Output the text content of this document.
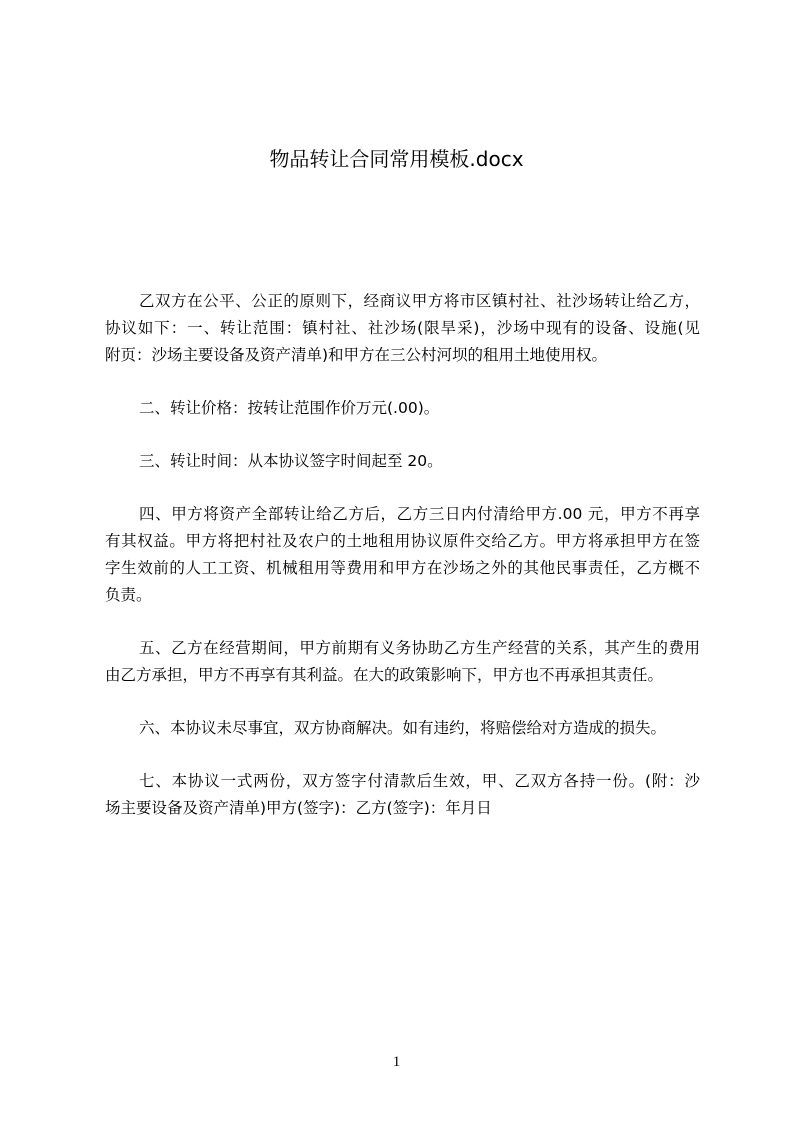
物品转让合同常用模板.docx
乙双方在公平、公正的原则下，经商议甲方将市区镇村社、社沙场转让给乙方，
协议如下：一、转让范围：镇村社、社沙场(限旱采)，沙场中现有的设备、设施(见
附页：沙场主要设备及资产清单)和甲方在三公村河坝的租用土地使用权。
二、转让价格：按转让范围作价万元(.00)。
三、转让时间：从本协议签字时间起至 20。
四、甲方将资产全部转让给乙方后，乙方三日内付清给甲方.00 元，甲方不再享
有其权益。甲方将把村社及农户的土地租用协议原件交给乙方。甲方将承担甲方在签
字生效前的人工工资、机械租用等费用和甲方在沙场之外的其他民事责任，乙方概不
负责。
五、乙方在经营期间，甲方前期有义务协助乙方生产经营的关系，其产生的费用
由乙方承担，甲方不再享有其利益。在大的政策影响下，甲方也不再承担其责任。
六、本协议未尽事宜，双方协商解决。如有违约，将赔偿给对方造成的损失。
七、本协议一式两份，双方签字付清款后生效，甲、乙双方各持一份。(附：沙
场主要设备及资产清单)甲方(签字)：乙方(签字)：年月日
1
